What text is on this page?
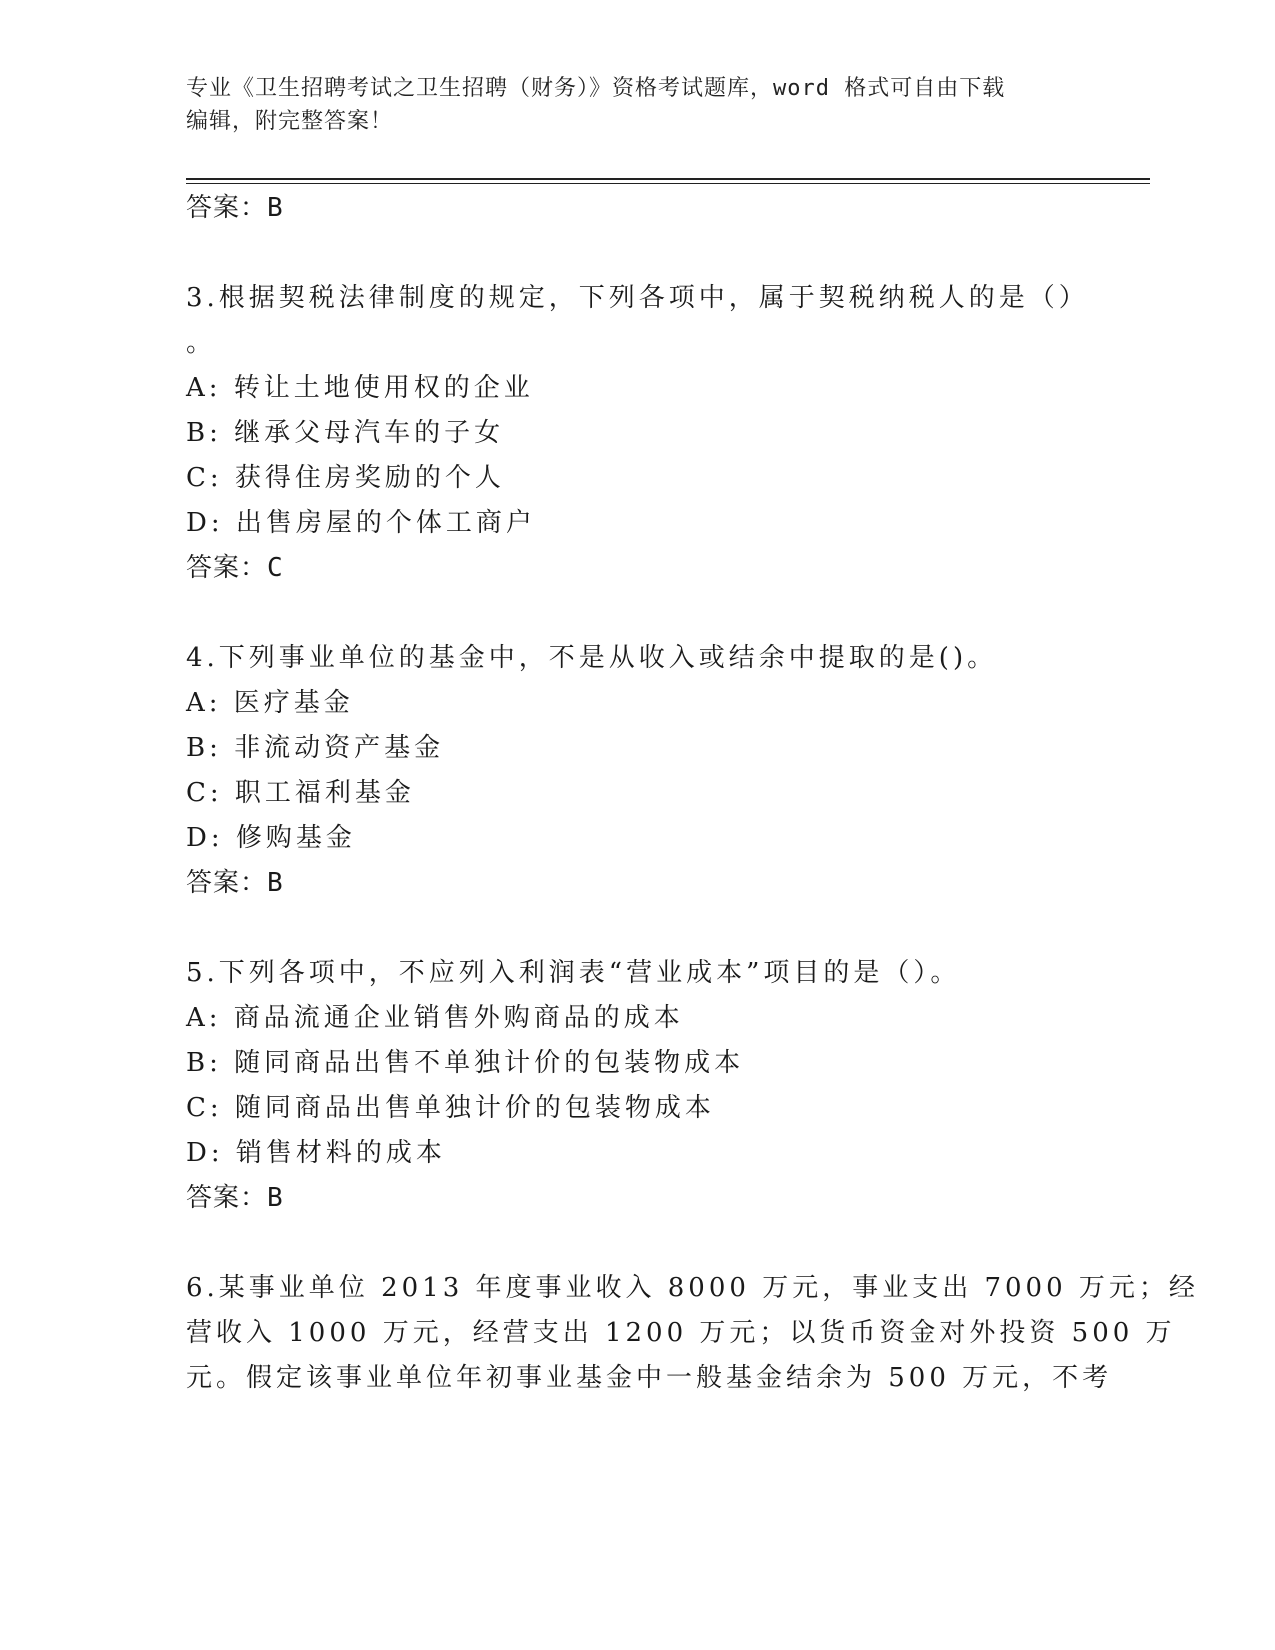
专业《卫生招聘考试之卫生招聘（财务）》资格考试题库，word 格式可自由下载
编辑，附完整答案！
答案：B
3.根据契税法律制度的规定，下列各项中，属于契税纳税人的是（）
。
A: 转让土地使用权的企业
B: 继承父母汽车的子女
C: 获得住房奖励的个人
D: 出售房屋的个体工商户
答案：C
4.下列事业单位的基金中，不是从收入或结余中提取的是()。
A: 医疗基金
B: 非流动资产基金
C: 职工福利基金
D: 修购基金
答案：B
5.下列各项中，不应列入利润表“营业成本”项目的是（）。
A: 商品流通企业销售外购商品的成本
B: 随同商品出售不单独计价的包装物成本
C: 随同商品出售单独计价的包装物成本
D: 销售材料的成本
答案：B
6.某事业单位 2013 年度事业收入 8000 万元，事业支出 7000 万元；经
营收入 1000 万元，经营支出 1200 万元；以货币资金对外投资 500 万
元。假定该事业单位年初事业基金中一般基金结余为 500 万元，不考
